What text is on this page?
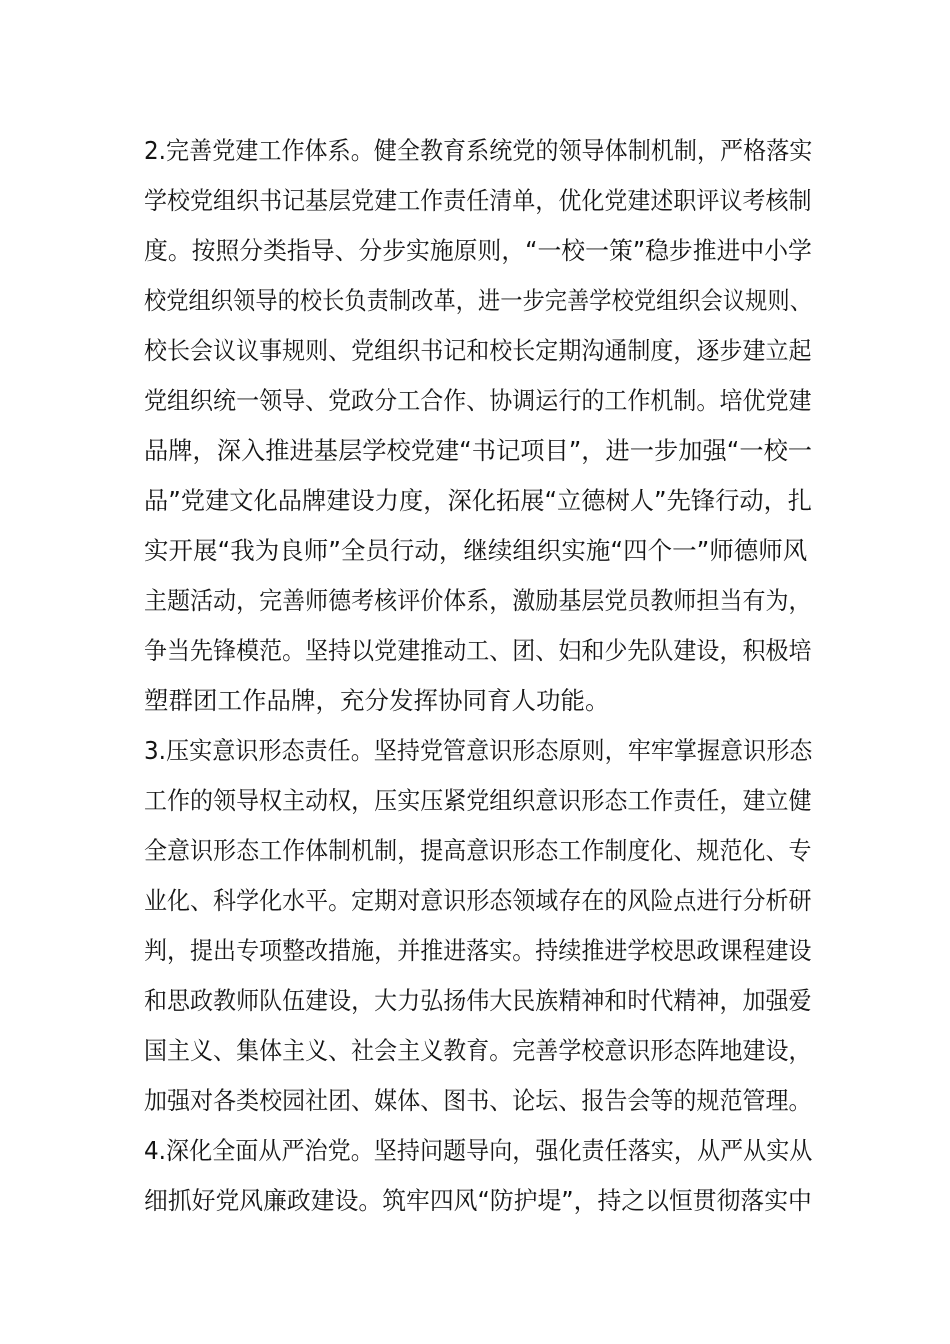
2.完善党建工作体系。健全教育系统党的领导体制机制，严格落实

学校党组织书记基层党建工作责任清单，优化党建述职评议考核制

度。按照分类指导、分步实施原则，“一校一策”稳步推进中小学

校党组织领导的校长负责制改革，进一步完善学校党组织会议规则、

校长会议议事规则、党组织书记和校长定期沟通制度，逐步建立起

党组织统一领导、党政分工合作、协调运行的工作机制。培优党建

品牌，深入推进基层学校党建“书记项目”，进一步加强“一校一

品”党建文化品牌建设力度，深化拓展“立德树人”先锋行动，扎

实开展“我为良师”全员行动，继续组织实施“四个一”师德师风

主题活动，完善师德考核评价体系，激励基层党员教师担当有为，

争当先锋模范。坚持以党建推动工、团、妇和少先队建设，积极培

塑群团工作品牌，充分发挥协同育人功能。

3.压实意识形态责任。坚持党管意识形态原则，牢牢掌握意识形态

工作的领导权主动权，压实压紧党组织意识形态工作责任，建立健

全意识形态工作体制机制，提高意识形态工作制度化、规范化、专

业化、科学化水平。定期对意识形态领域存在的风险点进行分析研

判，提出专项整改措施，并推进落实。持续推进学校思政课程建设

和思政教师队伍建设，大力弘扬伟大民族精神和时代精神，加强爱

国主义、集体主义、社会主义教育。完善学校意识形态阵地建设，

加强对各类校园社团、媒体、图书、论坛、报告会等的规范管理。

4.深化全面从严治党。坚持问题导向，强化责任落实，从严从实从

细抓好党风廉政建设。筑牢四风“防护堤”，持之以恒贯彻落实中
